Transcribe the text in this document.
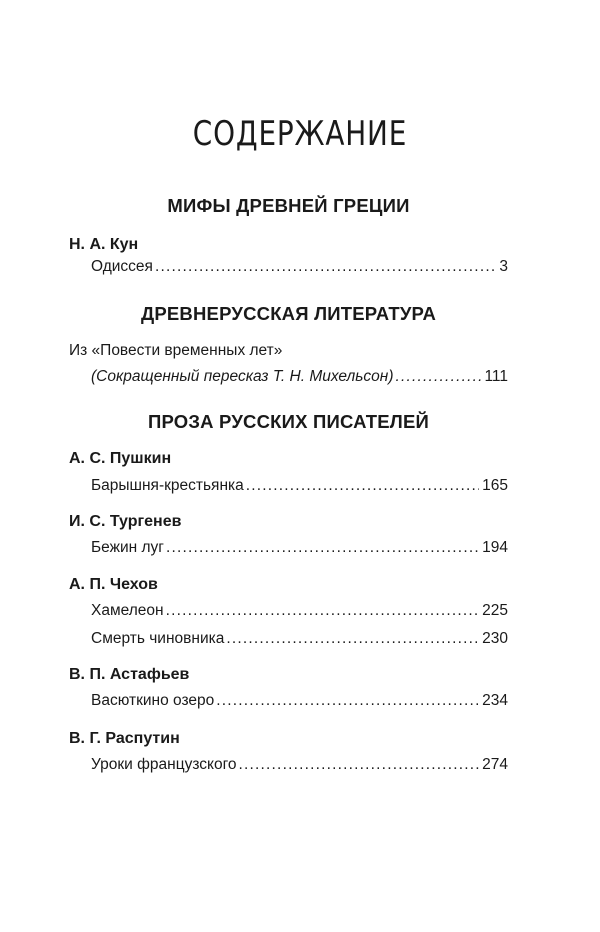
СОДЕРЖАНИЕ
МИФЫ ДРЕВНЕЙ ГРЕЦИИ
Н. А. Кун
Одиссея .....	3
ДРЕВНЕРУССКАЯ ЛИТЕРАТУРА
Из «Повести временных лет»
(Сокращенный пересказ Т. Н. Михельсон) .....	111
ПРОЗА РУССКИХ ПИСАТЕЛЕЙ
А. С. Пушкин
Барышня-крестьянка .....	165
И. С. Тургенев
Бежин луг .....	194
А. П. Чехов
Хамелеон .....	225
Смерть чиновника .....	230
В. П. Астафьев
Васюткино озеро .....	234
В. Г. Распутин
Уроки французского .....	274
